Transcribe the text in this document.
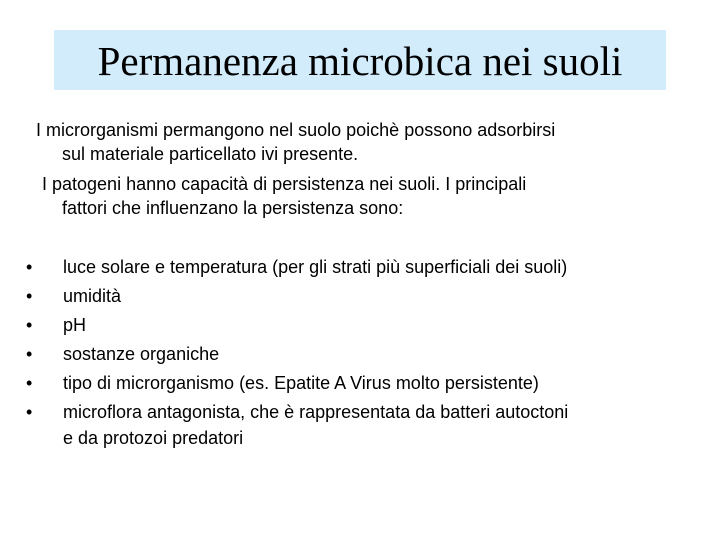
Permanenza microbica nei suoli
I microrganismi permangono nel suolo poichè possono adsorbirsi
sul materiale particellato ivi presente.
I patogeni hanno capacità di persistenza nei suoli. I principali
fattori che influenzano la persistenza sono:
• luce solare e temperatura (per gli strati più superficiali dei suoli)
• umidità
• pH
• sostanze organiche
• tipo di microrganismo (es. Epatite A Virus molto persistente)
• microflora antagonista, che è rappresentata da batteri autoctoni
e da protozoi predatori
